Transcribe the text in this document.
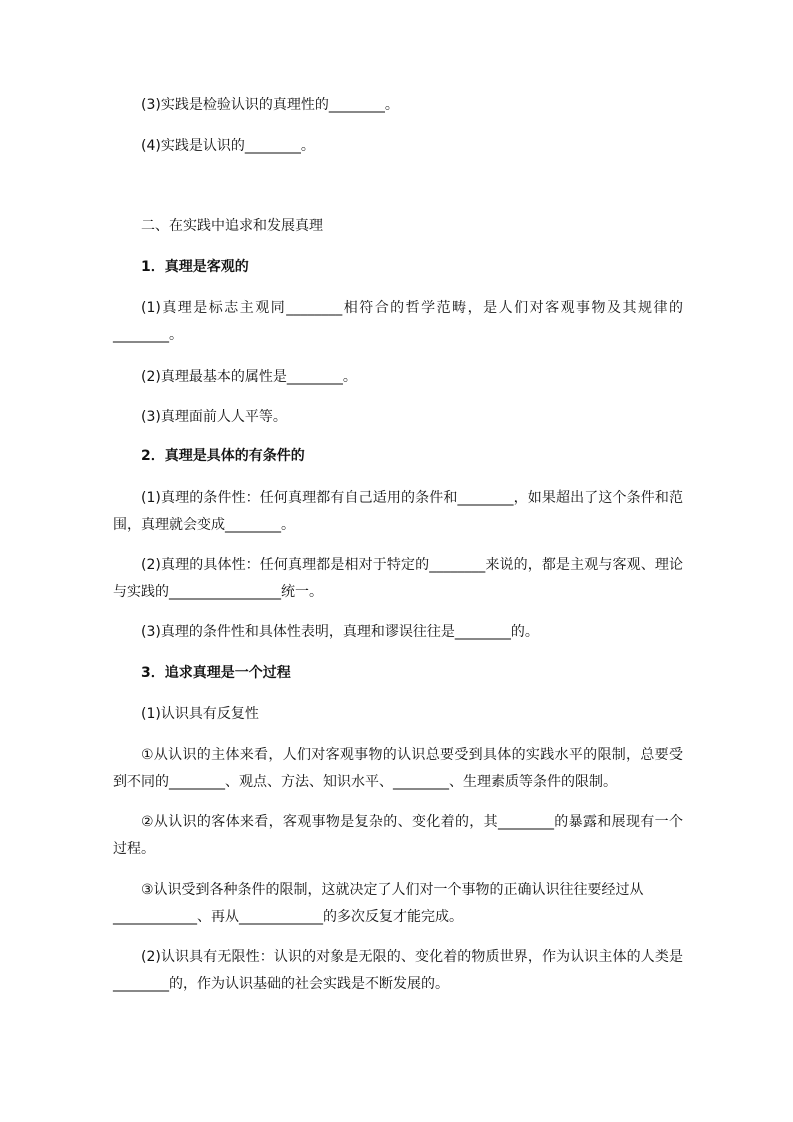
(3)实践是检验认识的真理性的________。
(4)实践是认识的________。
二、在实践中追求和发展真理
1．真理是客观的
(1)真理是标志主观同________相符合的哲学范畴，是人们对客观事物及其规律的
________。
(2)真理最基本的属性是________。
(3)真理面前人人平等。
2．真理是具体的有条件的
(1)真理的条件性：任何真理都有自己适用的条件和________，如果超出了这个条件和范
围，真理就会变成________。
(2)真理的具体性：任何真理都是相对于特定的________来说的，都是主观与客观、理论
与实践的________________统一。
(3)真理的条件性和具体性表明，真理和谬误往往是________的。
3．追求真理是一个过程
(1)认识具有反复性
①从认识的主体来看，人们对客观事物的认识总要受到具体的实践水平的限制，总要受
到不同的________、观点、方法、知识水平、________、生理素质等条件的限制。
②从认识的客体来看，客观事物是复杂的、变化着的，其________的暴露和展现有一个
过程。
③认识受到各种条件的限制，这就决定了人们对一个事物的正确认识往往要经过从
____________、再从____________的多次反复才能完成。
(2)认识具有无限性：认识的对象是无限的、变化着的物质世界，作为认识主体的人类是
________的，作为认识基础的社会实践是不断发展的。
